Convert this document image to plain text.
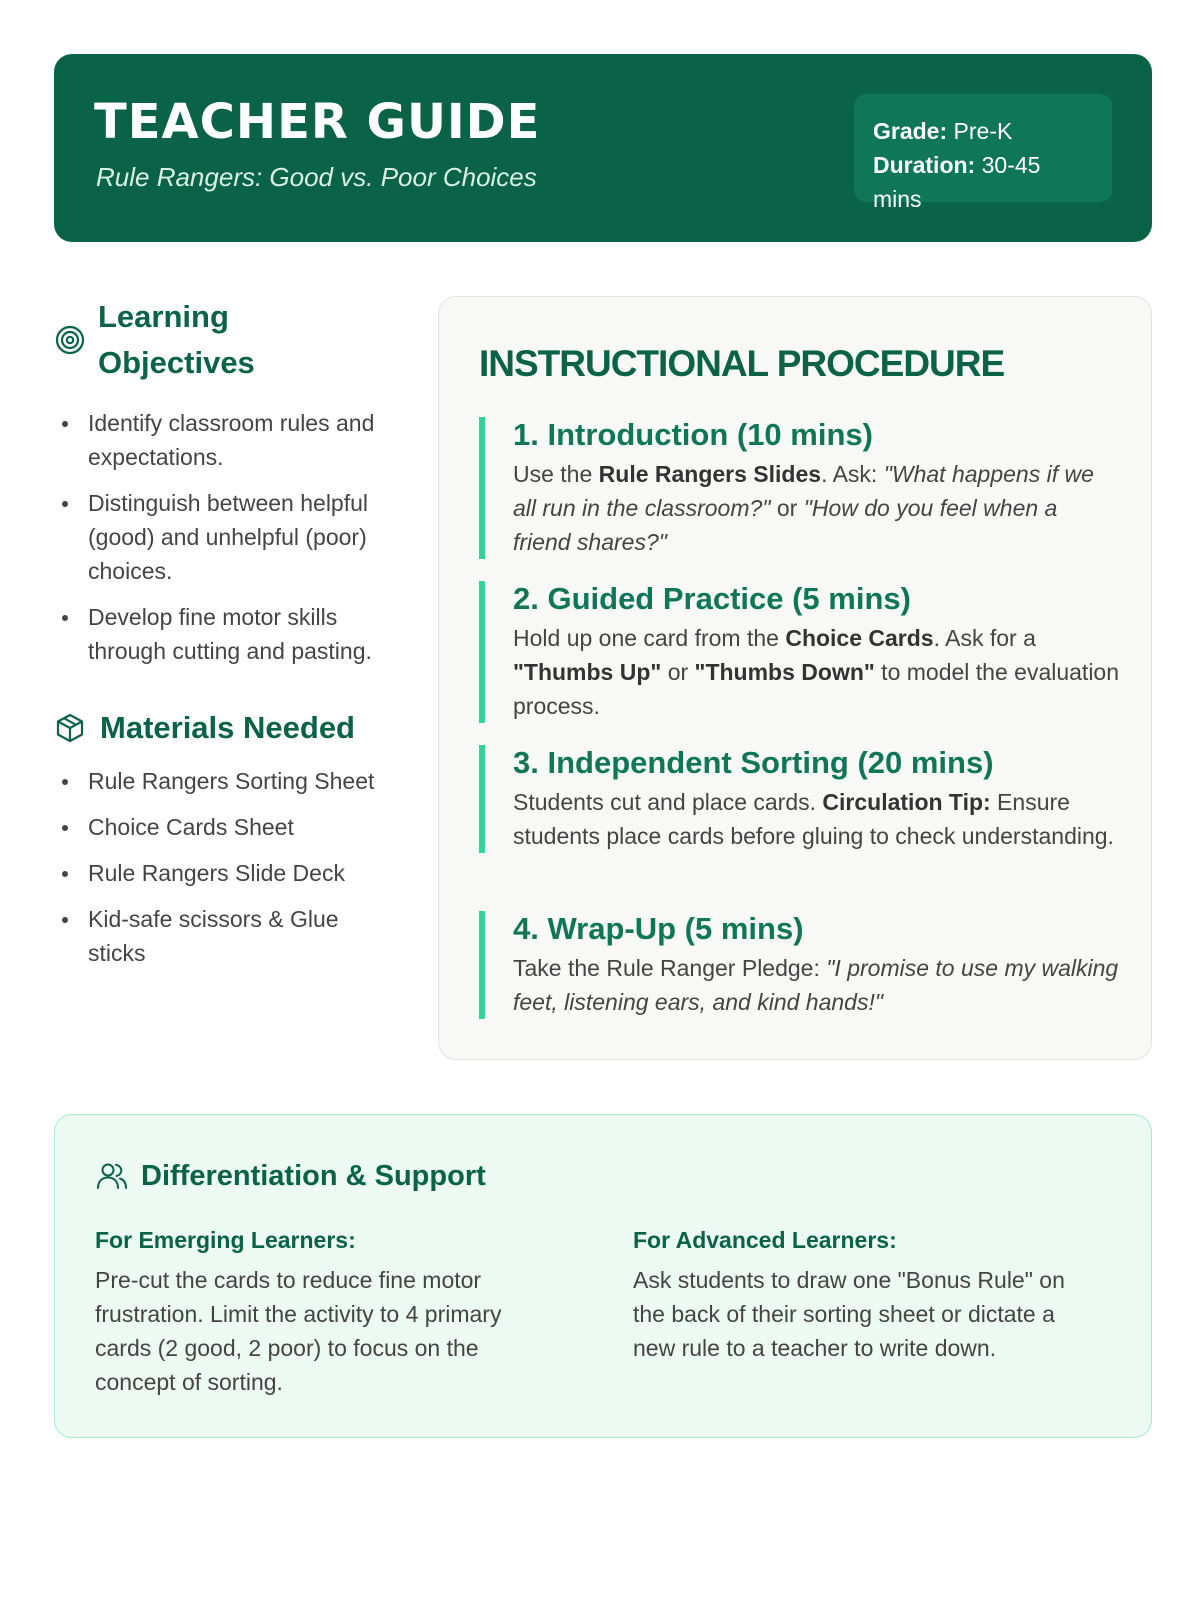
TEACHER GUIDE

Rule Rangers: Good vs. Poor Choices

Grade: Pre-K
Duration: 30-45 mins
Learning Objectives
Identify classroom rules and expectations.
Distinguish between helpful (good) and unhelpful (poor) choices.
Develop fine motor skills through cutting and pasting.
Materials Needed
Rule Rangers Sorting Sheet
Choice Cards Sheet
Rule Rangers Slide Deck
Kid-safe scissors & Glue sticks
INSTRUCTIONAL PROCEDURE
1. Introduction (10 mins)

Use the Rule Rangers Slides. Ask: "What happens if we all run in the classroom?" or "How do you feel when a friend shares?"

2. Guided Practice (5 mins)

Hold up one card from the Choice Cards. Ask for a "Thumbs Up" or "Thumbs Down" to model the evaluation process.

3. Independent Sorting (20 mins)

Students cut and place cards. Circulation Tip: Ensure students place cards before gluing to check understanding.

4. Wrap-Up (5 mins)

Take the Rule Ranger Pledge: "I promise to use my walking feet, listening ears, and kind hands!"

Differentiation & Support
For Emerging Learners:

Pre-cut the cards to reduce fine motor frustration. Limit the activity to 4 primary cards (2 good, 2 poor) to focus on the concept of sorting.

For Advanced Learners:

Ask students to draw one "Bonus Rule" on the back of their sorting sheet or dictate a new rule to a teacher to write down.
